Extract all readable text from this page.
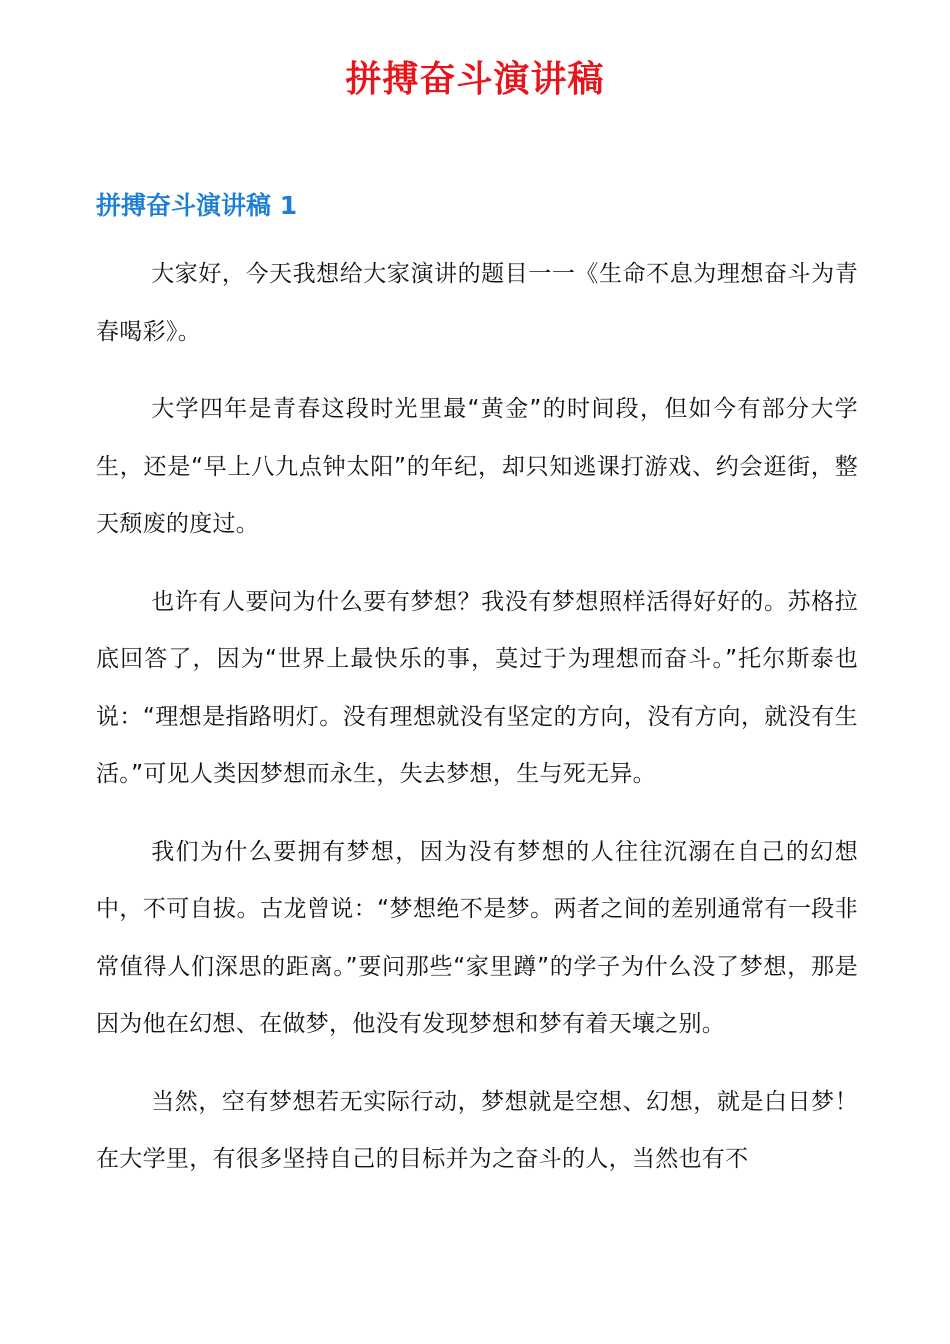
拼搏奋斗演讲稿
拼搏奋斗演讲稿 1

大家好，今天我想给大家演讲的题目一一《生命不息为理想奋斗为青春喝彩》。

大学四年是青春这段时光里最“黄金”的时间段，但如今有部分大学生，还是“早上八九点钟太阳”的年纪，却只知逃课打游戏、约会逛街，整天颓废的度过。

也许有人要问为什么要有梦想？我没有梦想照样活得好好的。苏格拉底回答了，因为“世界上最快乐的事，莫过于为理想而奋斗。”托尔斯泰也说：“理想是指路明灯。没有理想就没有坚定的方向，没有方向，就没有生活。”可见人类因梦想而永生，失去梦想，生与死无异。

我们为什么要拥有梦想，因为没有梦想的人往往沉溺在自己的幻想中，不可自拔。古龙曾说：“梦想绝不是梦。两者之间的差别通常有一段非常值得人们深思的距离。”要问那些“家里蹲”的学子为什么没了梦想，那是因为他在幻想、在做梦，他没有发现梦想和梦有着天壤之别。

当然，空有梦想若无实际行动，梦想就是空想、幻想，就是白日梦！在大学里，有很多坚持自己的目标并为之奋斗的人，当然也有不
